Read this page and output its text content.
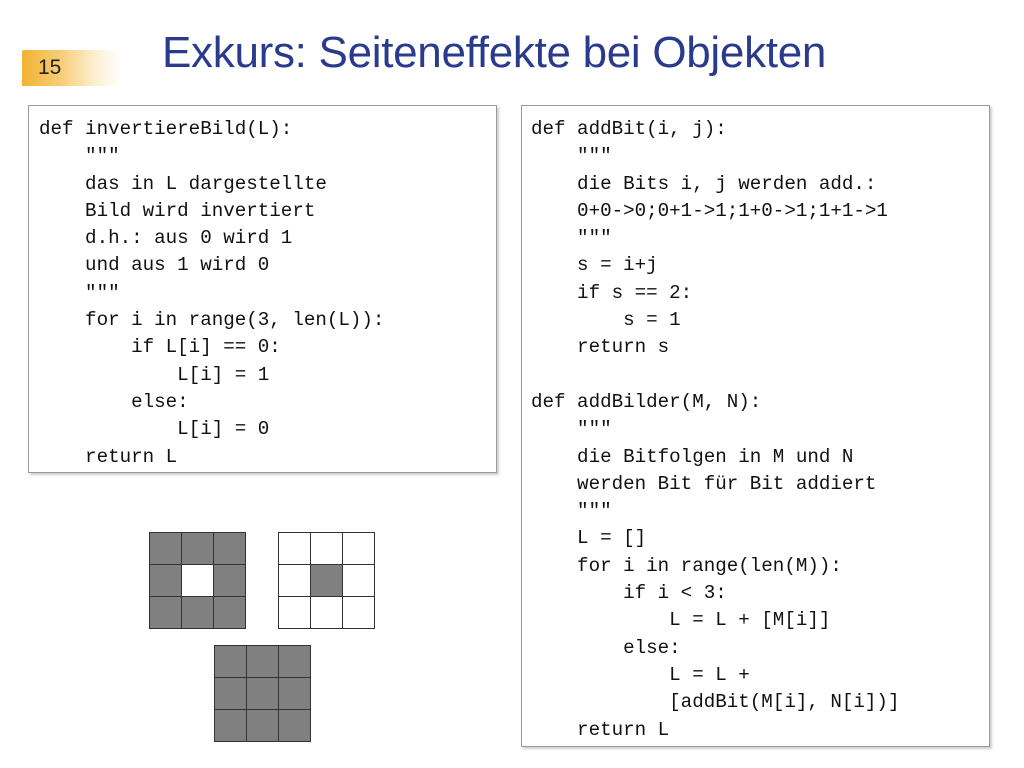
15 Exkurs: Seiteneffekte bei Objekten
def invertiereBild(L):
"""
das in L dargestellte
Bild wird invertiert
d.h.: aus 0 wird 1
und aus 1 wird 0
"""
for i in range(3, len(L)):
if L[i] == 0:
L[i] = 1
else:
L[i] = 0
return L
def addBit(i, j):
"""
die Bits i, j werden add.:
0+0->0;0+1->1;1+0->1;1+1->1
"""
s = i+j
if s == 2:
s = 1
return s

def addBilder(M, N):
"""
die Bitfolgen in M und N
werden Bit für Bit addiert
"""
L = []
for i in range(len(M)):
if i < 3:
L = L + [M[i]]
else:
L = L +
[addBit(M[i], N[i])]
return L
